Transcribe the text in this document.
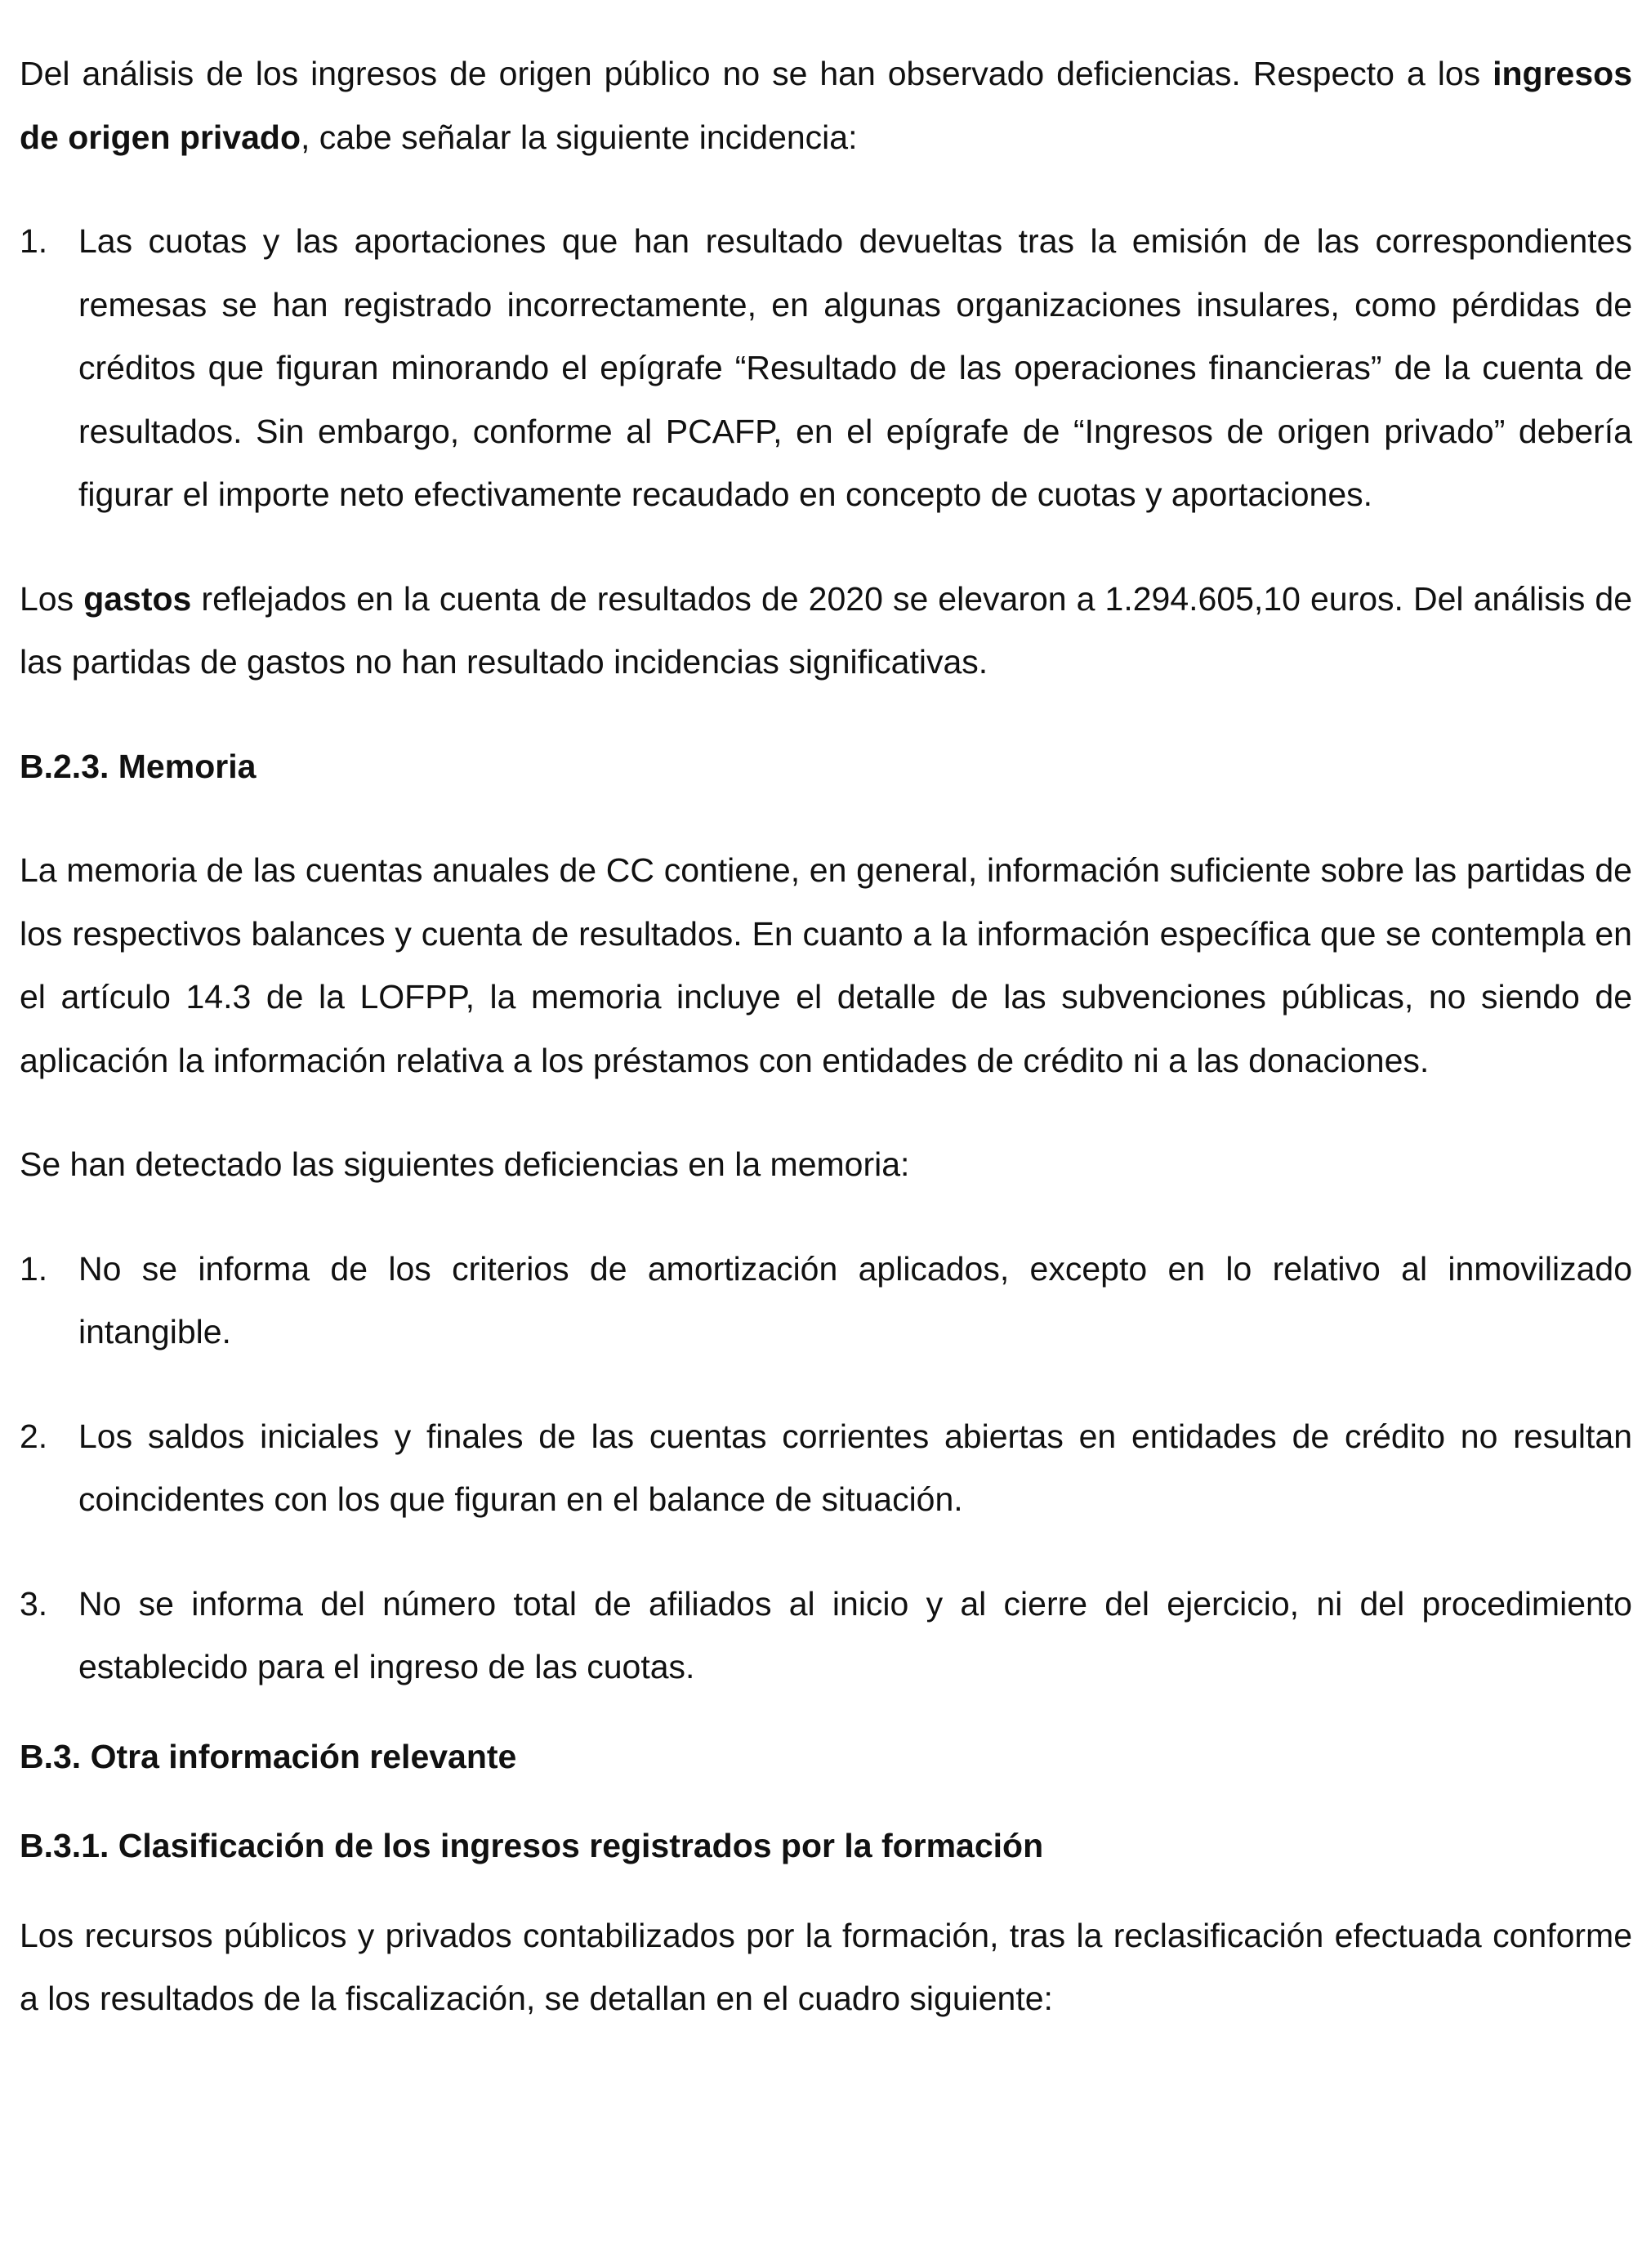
Del análisis de los ingresos de origen público no se han observado deficiencias. Respecto a los ingresos de origen privado, cabe señalar la siguiente incidencia:

1. Las cuotas y las aportaciones que han resultado devueltas tras la emisión de las correspondientes remesas se han registrado incorrectamente, en algunas organizaciones insulares, como pérdidas de créditos que figuran minorando el epígrafe “Resultado de las operaciones financieras” de la cuenta de resultados. Sin embargo, conforme al PCAFP, en el epígrafe de “Ingresos de origen privado” debería figurar el importe neto efectivamente recaudado en concepto de cuotas y aportaciones.

Los gastos reflejados en la cuenta de resultados de 2020 se elevaron a 1.294.605,10 euros. Del análisis de las partidas de gastos no han resultado incidencias significativas.

B.2.3. Memoria

La memoria de las cuentas anuales de CC contiene, en general, información suficiente sobre las partidas de los respectivos balances y cuenta de resultados. En cuanto a la información específica que se contempla en el artículo 14.3 de la LOFPP, la memoria incluye el detalle de las subvenciones públicas, no siendo de aplicación la información relativa a los préstamos con entidades de crédito ni a las donaciones.

Se han detectado las siguientes deficiencias en la memoria:

1. No se informa de los criterios de amortización aplicados, excepto en lo relativo al inmovilizado intangible.
2. Los saldos iniciales y finales de las cuentas corrientes abiertas en entidades de crédito no resultan coincidentes con los que figuran en el balance de situación.
3. No se informa del número total de afiliados al inicio y al cierre del ejercicio, ni del procedimiento establecido para el ingreso de las cuotas.
B.3. Otra información relevante
B.3.1. Clasificación de los ingresos registrados por la formación

Los recursos públicos y privados contabilizados por la formación, tras la reclasificación efectuada conforme a los resultados de la fiscalización, se detallan en el cuadro siguiente:
